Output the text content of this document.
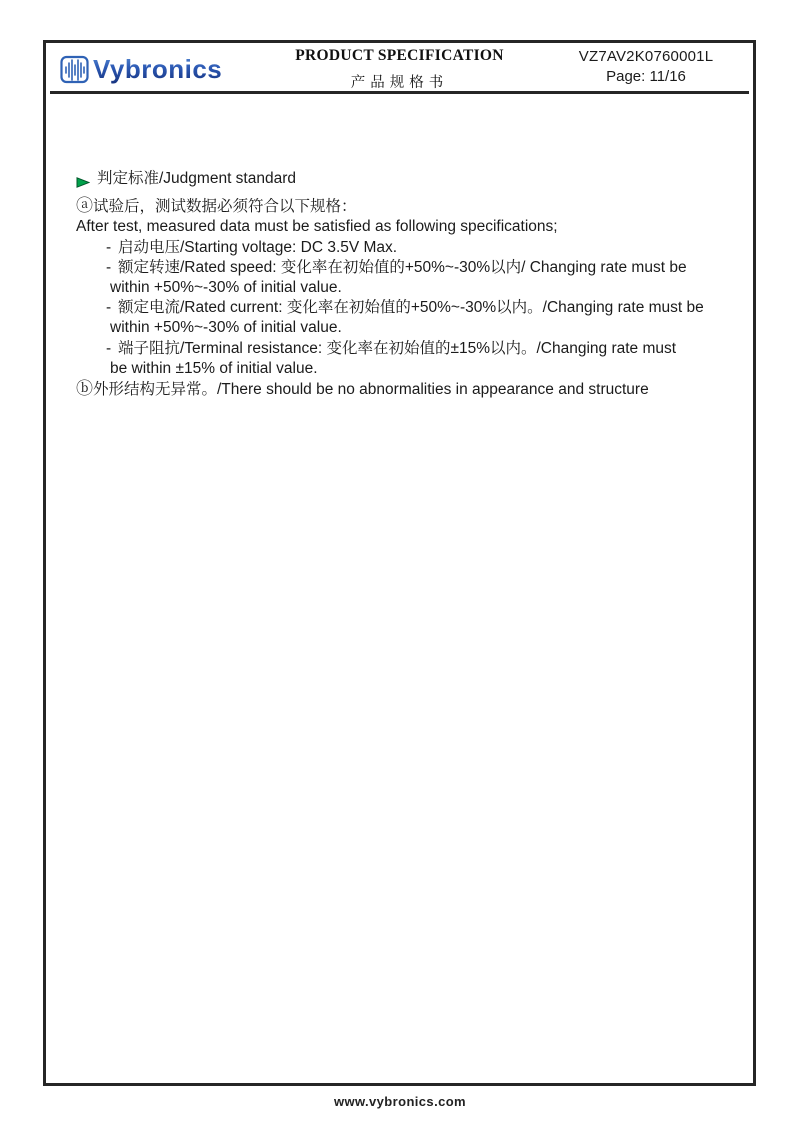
Vybronics	PRODUCT SPECIFICATION
产品规格书
VZ7AV2K0760001L
Page: 11/16
判定标准/Judgment standard
ⓐ试验后，测试数据必须符合以下规格：
After test, measured data must be satisfied as following specifications;
- 启动电压/Starting voltage: DC 3.5V Max.
- 额定转速/Rated speed: 变化率在初始值的+50%~-30%以内/ Changing rate must be
within +50%~-30% of initial value.
- 额定电流/Rated current: 变化率在初始值的+50%~-30%以内。/Changing rate must be
within +50%~-30% of initial value.
- 端子阻抗/Terminal resistance: 变化率在初始值的±15%以内。/Changing rate must
be within ±15% of initial value.
ⓑ外形结构无异常。/There should be no abnormalities in appearance and structure
www.vybronics.com
